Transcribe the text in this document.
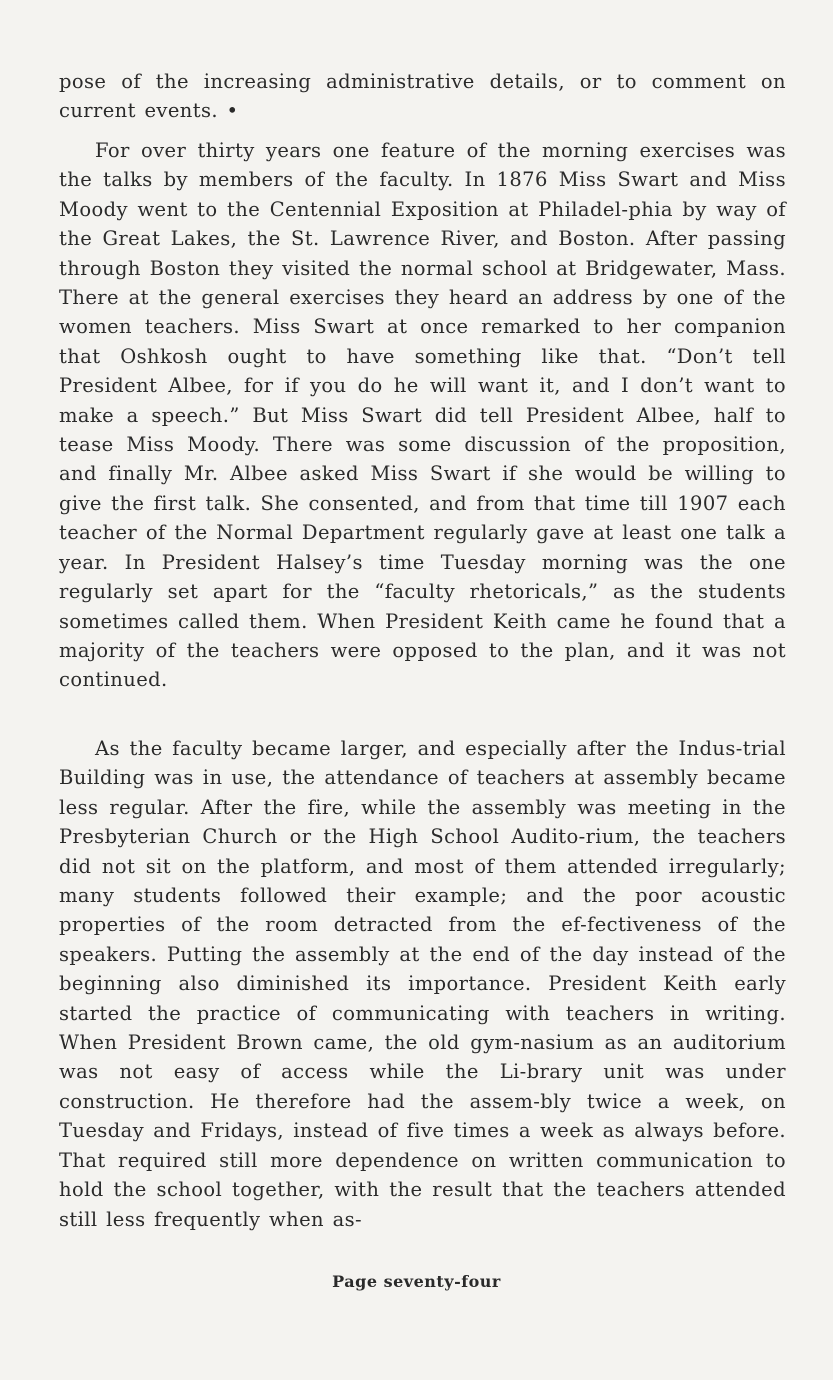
pose of the increasing administrative details, or to comment on current events. •

For over thirty years one feature of the morning exercises was the talks by members of the faculty. In 1876 Miss Swart and Miss Moody went to the Centennial Exposition at Philadel-phia by way of the Great Lakes, the St. Lawrence River, and Boston. After passing through Boston they visited the normal school at Bridgewater, Mass. There at the general exercises they heard an address by one of the women teachers. Miss Swart at once remarked to her companion that Oshkosh ought to have something like that. “Don’t tell President Albee, for if you do he will want it, and I don’t want to make a speech.” But Miss Swart did tell President Albee, half to tease Miss Moody. There was some discussion of the proposition, and finally Mr. Albee asked Miss Swart if she would be willing to give the first talk. She consented, and from that time till 1907 each teacher of the Normal Department regularly gave at least one talk a year. In President Halsey’s time Tuesday morning was the one regularly set apart for the “faculty rhetoricals,” as the students sometimes called them. When President Keith came he found that a majority of the teachers were opposed to the plan, and it was not continued.

As the faculty became larger, and especially after the Indus-trial Building was in use, the attendance of teachers at assembly became less regular. After the fire, while the assembly was meeting in the Presbyterian Church or the High School Audito-rium, the teachers did not sit on the platform, and most of them attended irregularly; many students followed their example; and the poor acoustic properties of the room detracted from the ef-fectiveness of the speakers. Putting the assembly at the end of the day instead of the beginning also diminished its importance. President Keith early started the practice of communicating with teachers in writing. When President Brown came, the old gym-nasium as an auditorium was not easy of access while the Li-brary unit was under construction. He therefore had the assem-bly twice a week, on Tuesday and Fridays, instead of five times a week as always before. That required still more dependence on written communication to hold the school together, with the result that the teachers attended still less frequently when as-

Page seventy-four
